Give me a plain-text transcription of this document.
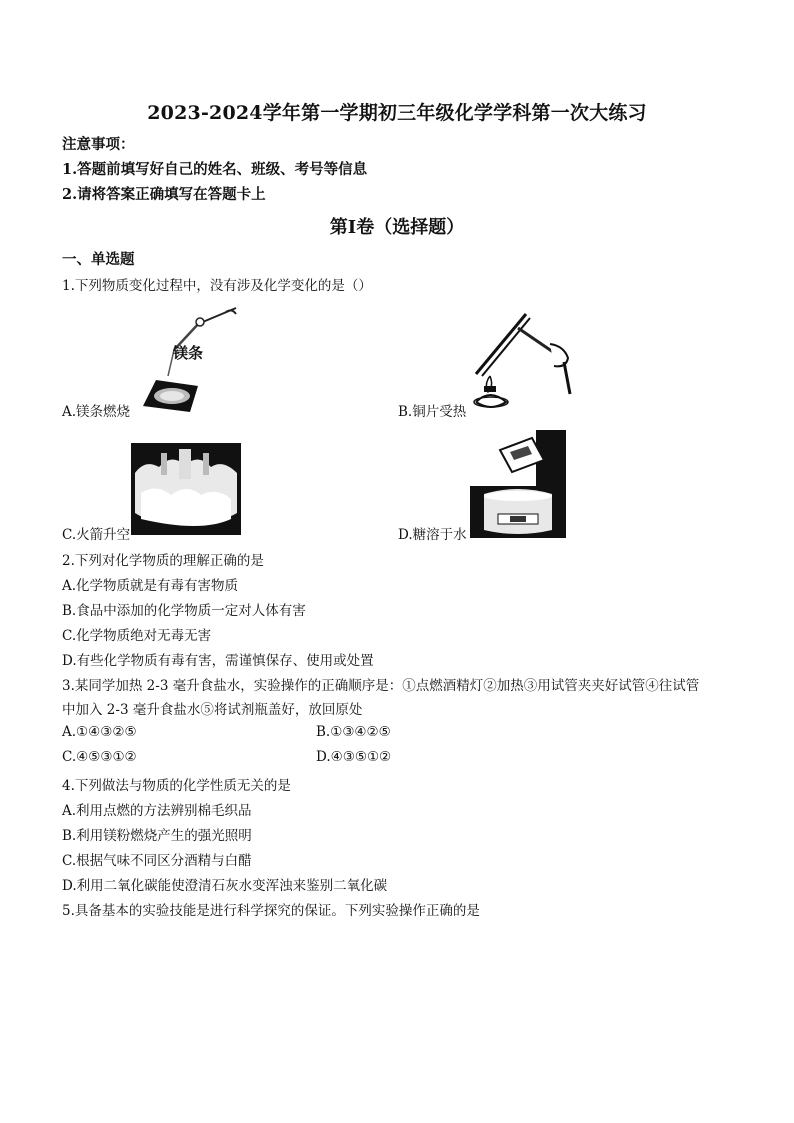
2023-2024学年第一学期初三年级化学学科第一次大练习
注意事项：
1.答题前填写好自己的姓名、班级、考号等信息
2.请将答案正确填写在答题卡上
第I卷（选择题）
一、单选题
1.下列物质变化过程中，没有涉及化学变化的是（）
镁条
A.镁条燃烧	B.铜片受热
C.火箭升空	D.糖溶于水
2.下列对化学物质的理解正确的是
A.化学物质就是有毒有害物质
B.食品中添加的化学物质一定对人体有害
C.化学物质绝对无毒无害
D.有些化学物质有毒有害，需谨慎保存、使用或处置
3.某同学加热 2-3 毫升食盐水，实验操作的正确顺序是：①点燃酒精灯②加热③用试管夹夹好试管④往试管
中加入 2-3 毫升食盐水⑤将试剂瓶盖好，放回原处
A.①④③②⑤	B.①③④②⑤
C.④⑤③①②	D.④③⑤①②
4.下列做法与物质的化学性质无关的是
A.利用点燃的方法辨别棉毛织品
B.利用镁粉燃烧产生的强光照明
C.根据气味不同区分酒精与白醋
D.利用二氧化碳能使澄清石灰水变浑浊来鉴别二氧化碳
5.具备基本的实验技能是进行科学探究的保证。下列实验操作正确的是
